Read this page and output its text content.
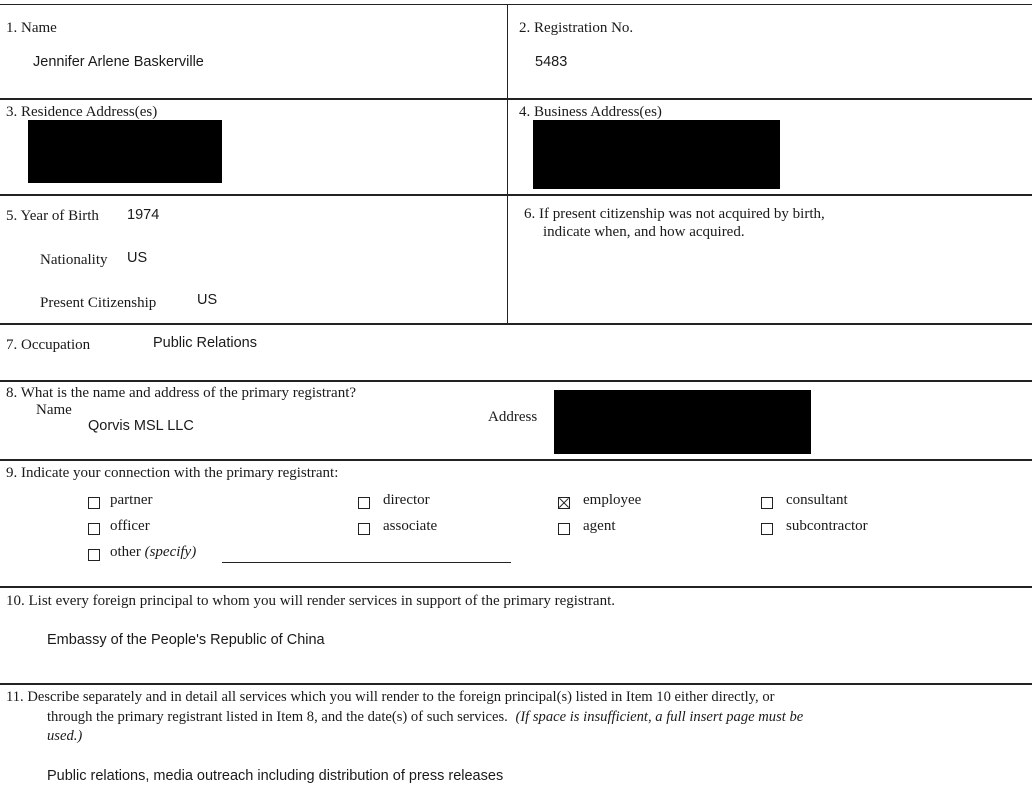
1. Name
Jennifer Arlene Baskerville
2. Registration No.
5483
3. Residence Address(es)	4. Business Address(es)
5. Year of Birth 1974
Nationality US
Present Citizenship	US
6. If present citizenship was not acquired by birth,
indicate when, and how acquired.
7. Occupation	Public Relations
8. What is the name and address of the primary registrant?
Name
Qorvis MSL LLC
Address
9. Indicate your connection with the primary registrant:
partner	director	employee	consultant
officer	associate	agent	subcontractor
other (specify)
10. List every foreign principal to whom you will render services in support of the primary registrant.
Embassy of the People's Republic of China
11. Describe separately and in detail all services which you will render to the foreign principal(s) listed in Item 10 either directly, or
through the primary registrant listed in Item 8, and the date(s) of such services. (If space is insufficient, a full insert page must be
used.)
Public relations, media outreach including distribution of press releases
